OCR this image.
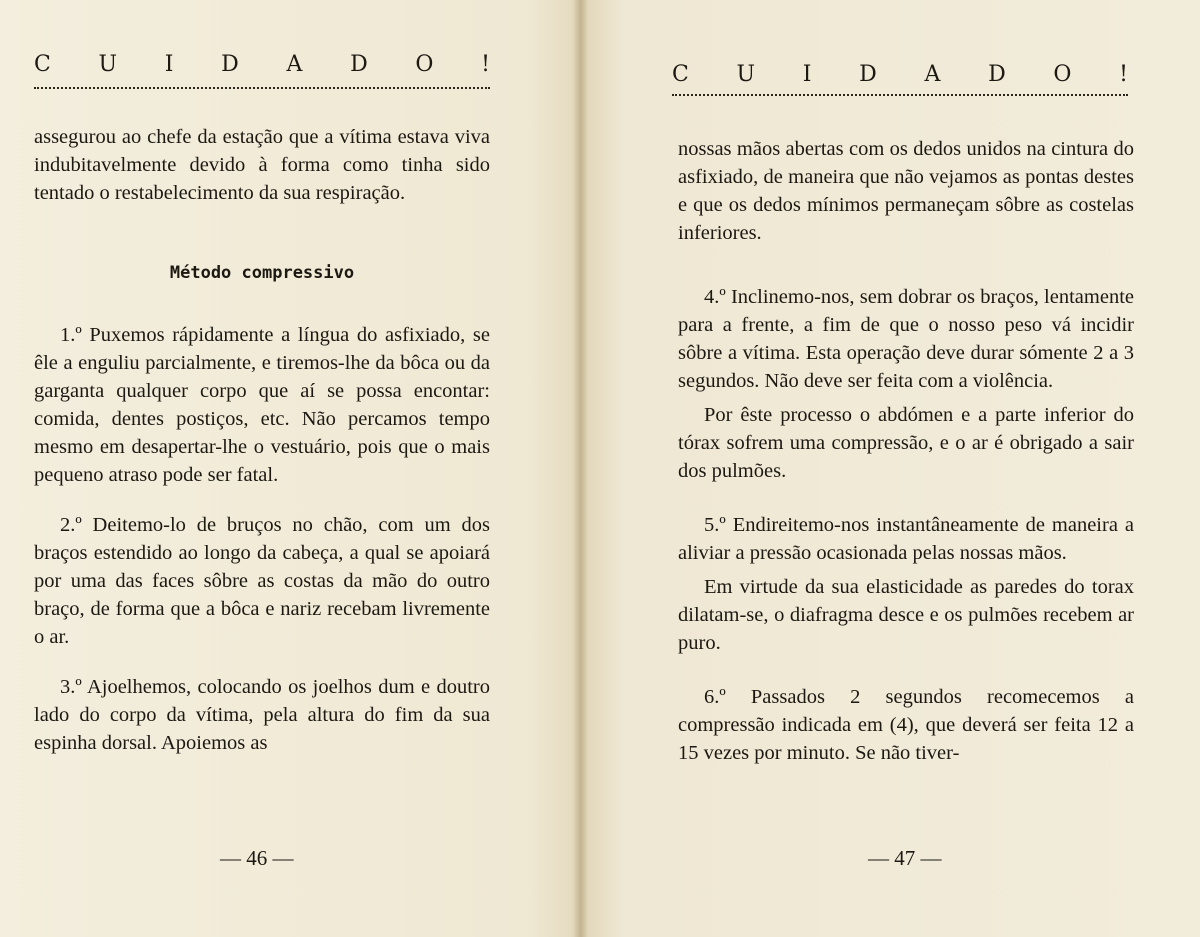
C U I D A D O !

assegurou ao chefe da estação que a vítima estava viva indubitavelmente devido à forma como tinha sido tentado o restabelecimento da sua respiração.

Método compressivo

1.º Puxemos rápidamente a língua do asfixiado, se êle a enguliu parcialmente, e tiremos-lhe da bôca ou da garganta qualquer corpo que aí se possa encontar: comida, dentes postiços, etc. Não percamos tempo mesmo em desapertar-lhe o vestuário, pois que o mais pequeno atraso pode ser fatal.

2.º Deitemo-lo de bruços no chão, com um dos braços estendido ao longo da cabeça, a qual se apoiará por uma das faces sôbre as costas da mão do outro braço, de forma que a bôca e nariz recebam livremente o ar.

3.º Ajoelhemos, colocando os joelhos dum e doutro lado do corpo da vítima, pela altura do fim da sua espinha dorsal. Apoiemos as

— 46 —
C U I D A D O !

nossas mãos abertas com os dedos unidos na cintura do asfixiado, de maneira que não vejamos as pontas destes e que os dedos mínimos permaneçam sôbre as costelas inferiores.

4.º Inclinemo-nos, sem dobrar os braços, lentamente para a frente, a fim de que o nosso peso vá incidir sôbre a vítima. Esta operação deve durar sómente 2 a 3 segundos. Não deve ser feita com a violência.

Por êste processo o abdómen e a parte inferior do tórax sofrem uma compressão, e o ar é obrigado a sair dos pulmões.

5.º Endireitemo-nos instantâneamente de maneira a aliviar a pressão ocasionada pelas nossas mãos.

Em virtude da sua elasticidade as paredes do torax dilatam-se, o diafragma desce e os pulmões recebem ar puro.

6.º Passados 2 segundos recomecemos a compressão indicada em (4), que deverá ser feita 12 a 15 vezes por minuto. Se não tiver-

— 47 —
